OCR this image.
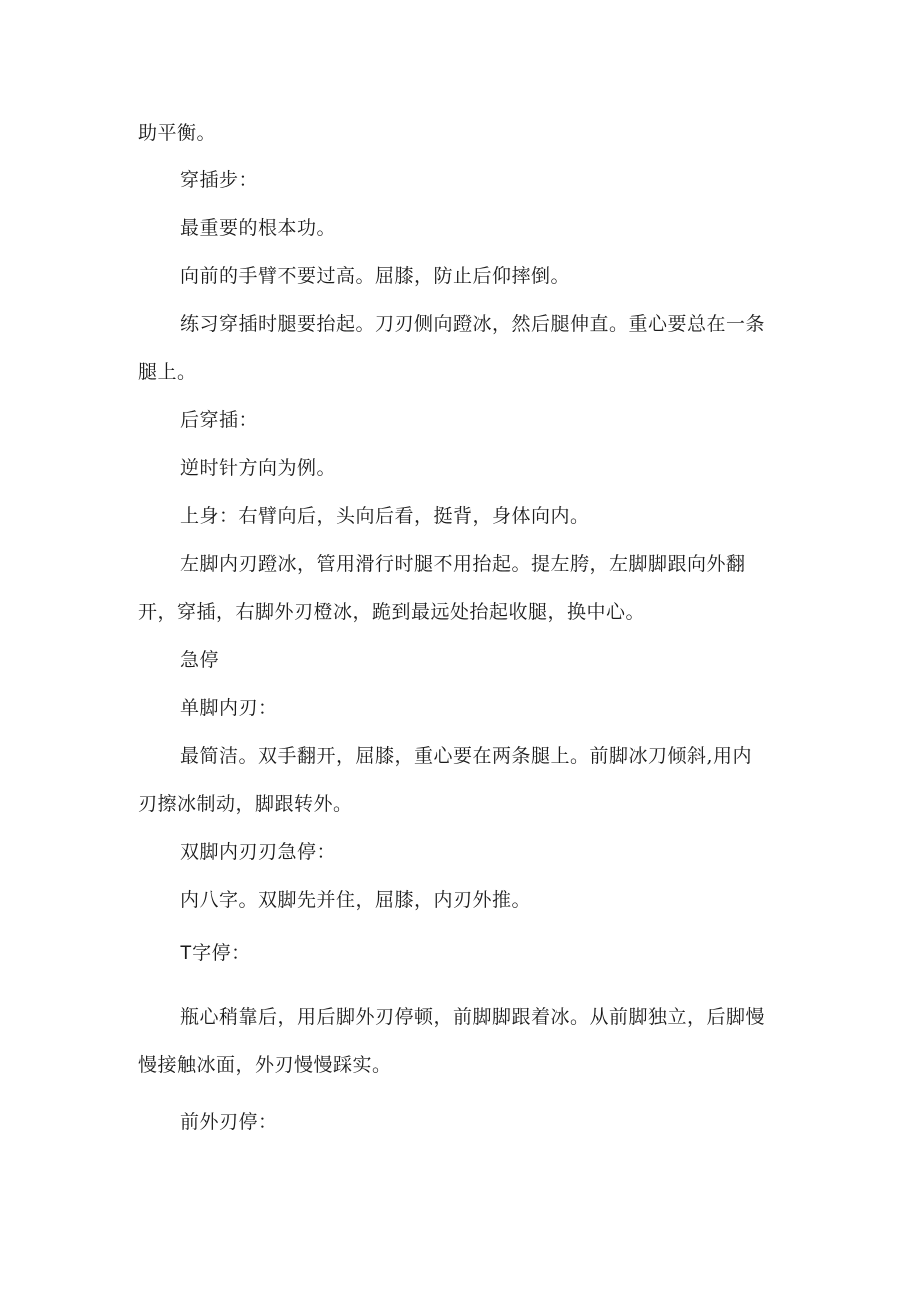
助平衡。
穿插步：
最重要的根本功。
向前的手臂不要过高。屈膝，防止后仰摔倒。
练习穿插时腿要抬起。刀刃侧向蹬冰，然后腿伸直。重心要总在一条
腿上。
后穿插：
逆时针方向为例。
上身：右臂向后，头向后看，挺背，身体向内。
左脚内刃蹬冰，管用滑行时腿不用抬起。提左胯，左脚脚跟向外翻
开，穿插，右脚外刃橙冰，跪到最远处抬起收腿，换中心。
急停
单脚内刃：
最简洁。双手翻开，屈膝，重心要在两条腿上。前脚冰刀倾斜,用内
刃擦冰制动，脚跟转外。
双脚内刃刃急停：
内八字。双脚先并住，屈膝，内刃外推。
T字停：
瓶心稍靠后，用后脚外刃停顿，前脚脚跟着冰。从前脚独立，后脚慢
慢接触冰面，外刃慢慢踩实。
前外刃停：
